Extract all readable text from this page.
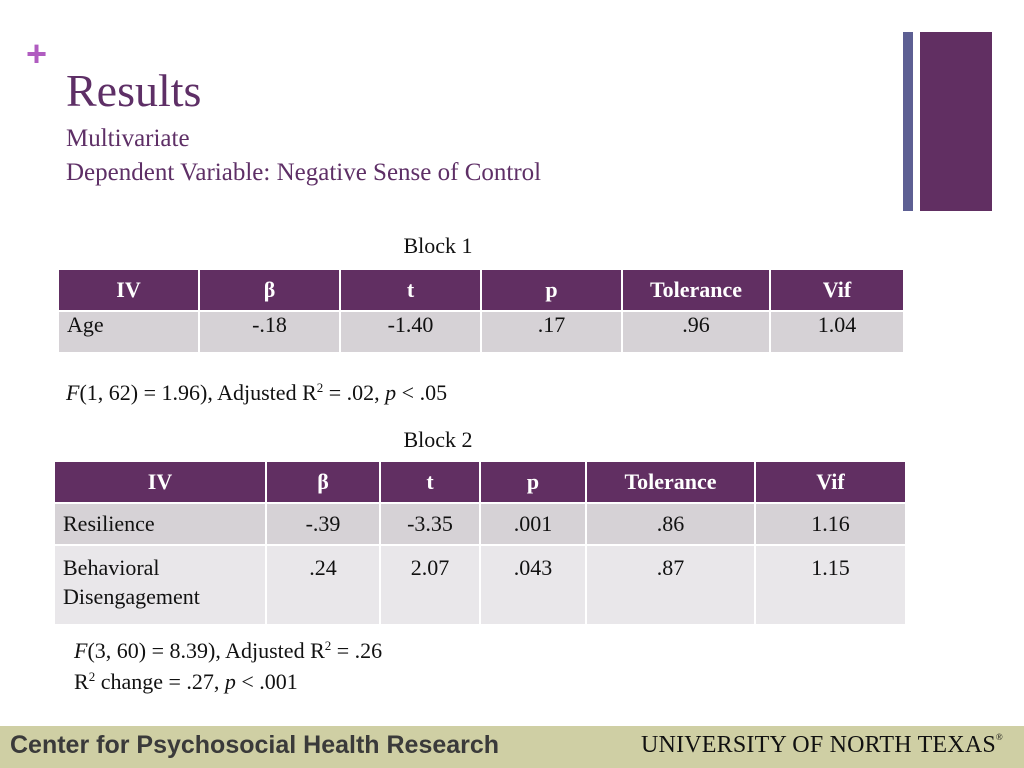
+
Results
Multivariate
Dependent Variable: Negative Sense of Control
Block 1
IV	β	t	p	Tolerance	Vif
Age	-.18	-1.40	.17	.96	1.04
F(1, 62) = 1.96), Adjusted $R^2 = .02$, p < .05
Block 2
IV	β	t	p	Tolerance	Vif
Resilience	-.39	-3.35	.001	.86	1.16
Behavioral
Disengagement	.24	2.07	.043	.87	1.15
F(3, 60) = 8.39), Adjusted $R^2 = .26$
$R^2$ change = .27, p < .001
Center for Psychosocial Health Research	UNIVERSITY OF NORTH TEXAS®
